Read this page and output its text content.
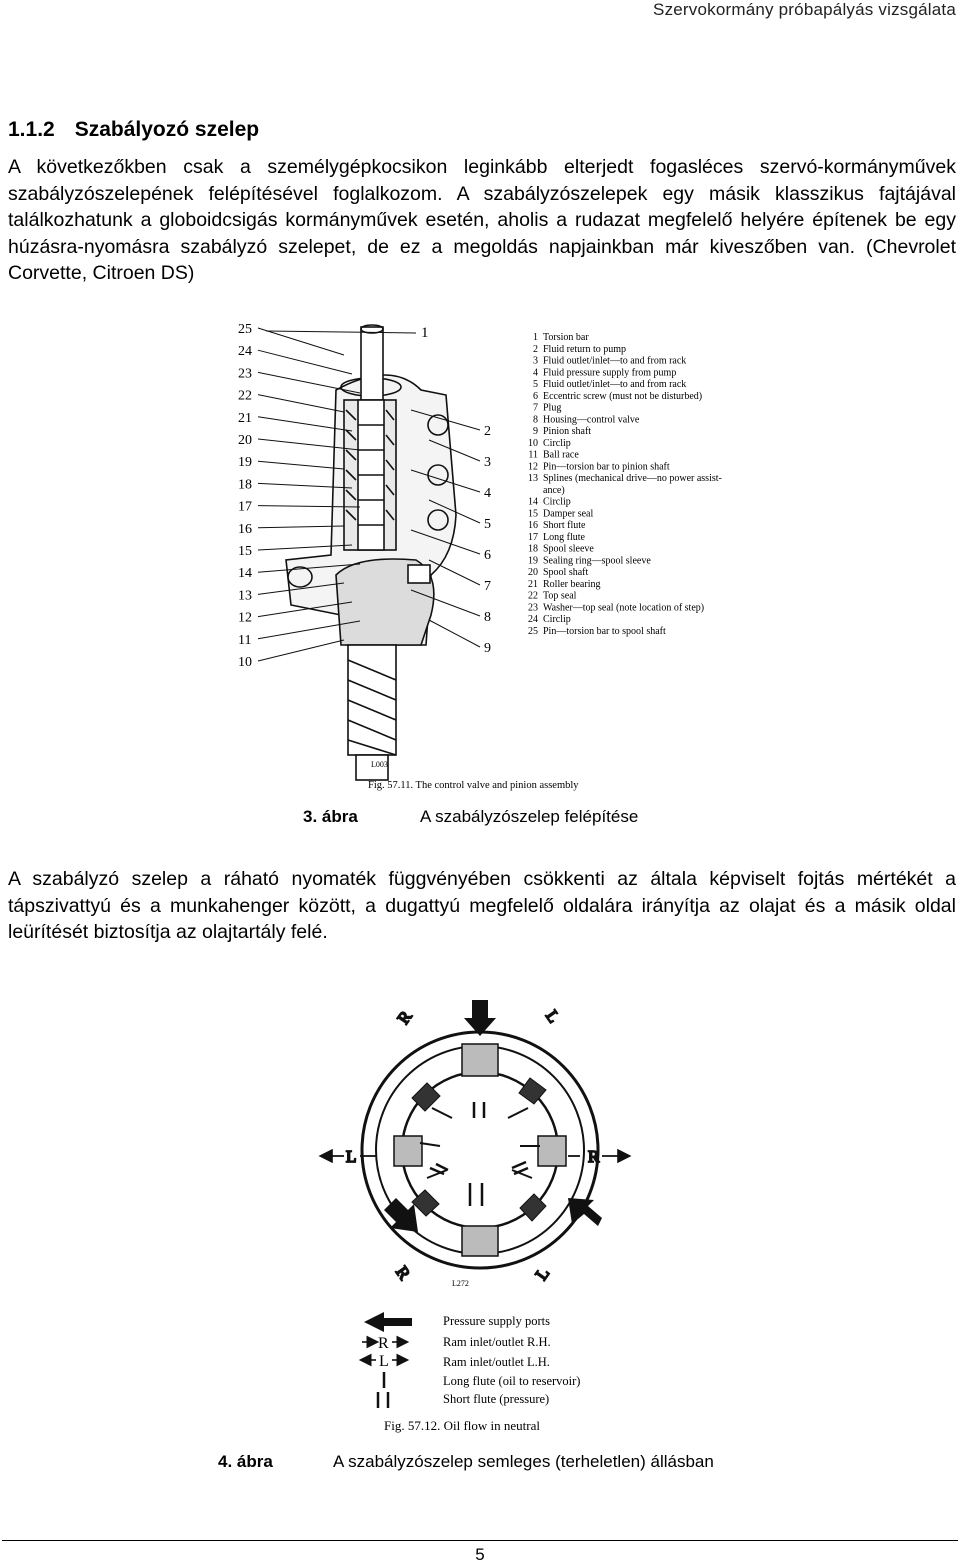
Szervokormány próbapályás vizsgálata
1.1.2 Szabályozó szelep
A következőkben csak a személygépkocsikon leginkább elterjedt fogasléces szervó-kormányművek szabályzószelepének felépítésével foglalkozom. A szabályzószelepek egy másik klasszikus fajtájával találkozhatunk a globoidcsigás kormányművek esetén, aholis a rudazat megfelelő helyére építenek be egy húzásra-nyomásra szabályzó szelepet, de ez a megoldás napjainkban már kiveszőben van. (Chevrolet Corvette, Citroen DS)
25
24
23
22
21
20
19
18
17
16
15
14
13
12
11
10
2
3
4
5
6
7
8
9
1	1 Torsion bar
2 Fluid return to pump
3 Fluid outlet/inlet—to and from rack
4 Fluid pressure supply from pump
5 Fluid outlet/inlet—to and from rack
6 Eccentric screw (must not be disturbed)
7 Plug
8 Housing—control valve
9 Pinion shaft
10 Circlip
11 Ball race
12 Pin—torsion bar to pinion shaft
13 Splines (mechanical drive—no power assist-
ance)
14 Circlip
15 Damper seal
16 Short flute
17 Long flute
18 Spool sleeve
19 Sealing ring—spool sleeve
20 Spool shaft
21 Roller bearing
22 Top seal
23 Washer—top seal (note location of step)
24 Circlip
25 Pin—torsion bar to spool shaft
L003
Fig. 57.11. The control valve and pinion assembly
3. ábra	A szabályzószelep felépítése
A szabályzó szelep a ráható nyomaték függvényében csökkenti az általa képviselt fojtás mértékét a tápszivattyú és a munkahenger között, a dugattyú megfelelő oldalára irányítja az olajat és a másik oldal leürítését biztosítja az olajtartály felé.
L	R
R	L
R	L
L272
R
L
Pressure supply ports
Ram inlet/outlet R.H.
Ram inlet/outlet L.H.
Long flute (oil to reservoir)
Short flute (pressure)
Fig. 57.12. Oil flow in neutral
4. ábra	A szabályzószelep semleges (terheletlen) állásban
5
